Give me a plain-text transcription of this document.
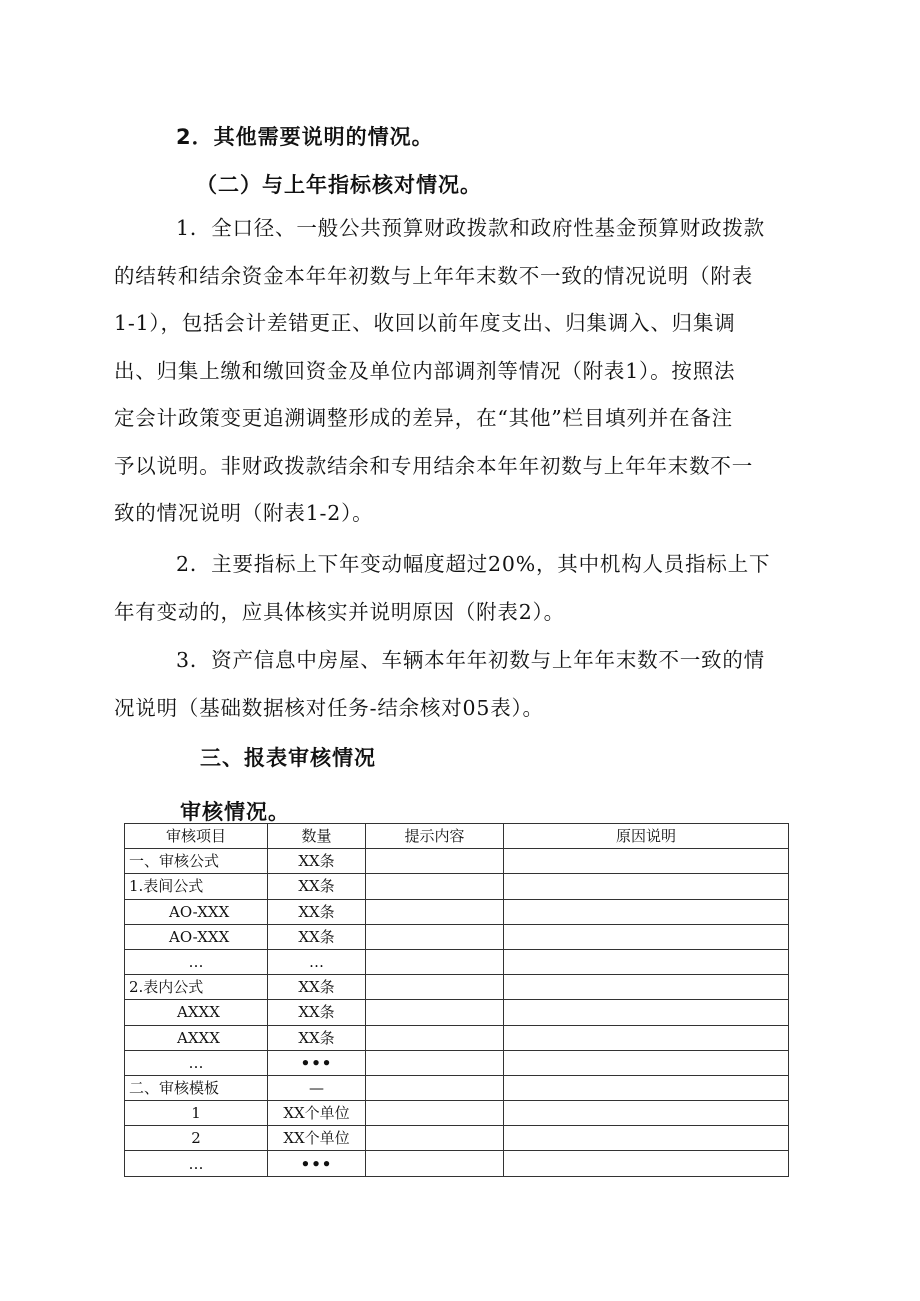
2．其他需要说明的情况。
（二）与上年指标核对情况。
1．全口径、一般公共预算财政拨款和政府性基金预算财政拨款
的结转和结余资金本年年初数与上年年末数不一致的情况说明（附表
1-1），包括会计差错更正、收回以前年度支出、归集调入、归集调
出、归集上缴和缴回资金及单位内部调剂等情况（附表1）。按照法
定会计政策变更追溯调整形成的差异，在“其他”栏目填列并在备注
予以说明。非财政拨款结余和专用结余本年年初数与上年年末数不一
致的情况说明（附表1-2）。
2．主要指标上下年变动幅度超过20%，其中机构人员指标上下
年有变动的，应具体核实并说明原因（附表2）。
3．资产信息中房屋、车辆本年年初数与上年年末数不一致的情
况说明（基础数据核对任务-结余核对05表）。
三、报表审核情况
审核情况。
审核项目	数量	提示内容	原因说明
一、审核公式	XX条		
1.表间公式	XX条		
AO-XXX	XX条		
AO-XXX	XX条		
…	…		
2.表内公式	XX条		
AXXX	XX条		
AXXX	XX条		
…	•••		
二、审核模板	—		
1	XX个单位		
2	XX个单位		
…	•••		
